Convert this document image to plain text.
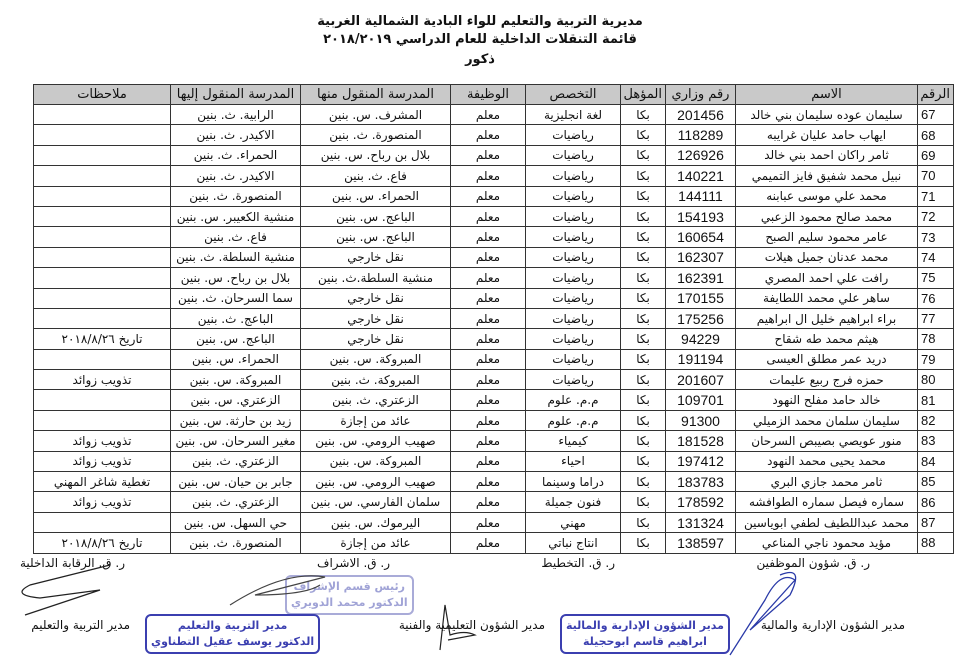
مديرية التربية والتعليم للواء البادية الشمالية الغربية
قائمة التنقلات الداخلية للعام الدراسي ٢٠١٨/٢٠١٩
ذكور
الرقم	الاسم	رقم وزاري	المؤهل	التخصص	الوظيفة	المدرسة المنقول منها	المدرسة المنقول إليها	ملاحظات
67	سليمان عوده سليمان بني خالد	201456	بكا	لغة انجليزية	معلم	المشرف. س. بنين	الرابية. ث. بنين	
68	ايهاب حامد عليان غرايبه	118289	بكا	رياضيات	معلم	المنصورة. ث. بنين	الاكيدر. ث. بنين	
69	ثامر راكان احمد بني خالد	126926	بكا	رياضيات	معلم	بلال بن رباح. س. بنين	الحمراء. ث. بنين	
70	نبيل محمد شفيق فايز التميمي	140221	بكا	رياضيات	معلم	فاع. ث. بنين	الاكيدر. ث. بنين	
71	محمد علي موسى عبابنه	144111	بكا	رياضيات	معلم	الحمراء. س. بنين	المنصورة. ث. بنين	
72	محمد صالح محمود الزعبي	154193	بكا	رياضيات	معلم	الباعج. س. بنين	منشية الكعيبر. س. بنين	
73	عامر محمود سليم الصبح	160654	بكا	رياضيات	معلم	الباعج. س. بنين	فاع. ث. بنين	
74	محمد عدنان جميل هيلات	162307	بكا	رياضيات	معلم	نقل خارجي	منشية السلطة. ث. بنين	
75	رافت علي احمد المصري	162391	بكا	رياضيات	معلم	منشية السلطة.ث. بنين	بلال بن رباح. س. بنين	
76	ساهر علي محمد اللطايفة	170155	بكا	رياضيات	معلم	نقل خارجي	سما السرحان. ث. بنين	
77	براء ابراهيم خليل ال ابراهيم	175256	بكا	رياضيات	معلم	نقل خارجي	الباعج. ث. بنين	
78	هيثم محمد طه شقاح	94229	بكا	رياضيات	معلم	نقل خارجي	الباعج. س. بنين	تاريخ ٢٠١٨/٨/٢٦
79	دريد عمر مطلق العيسى	191194	بكا	رياضيات	معلم	المبروكة. س. بنين	الحمراء. س. بنين	
80	حمزه فرج ربيع عليمات	201607	بكا	رياضيات	معلم	المبروكة. ث. بنين	المبروكة. س. بنين	تذويب زوائد
81	خالد حامد مفلح النهود	109701	بكا	م.م. علوم	معلم	الزعتري. ث. بنين	الزعتري. س. بنين	
82	سليمان سلمان محمد الزميلي	91300	بكا	م.م. علوم	معلم	عائد من إجازة	زيد بن حارثة. س. بنين	
83	منور عويصي بصيبص السرحان	181528	بكا	كيمياء	معلم	صهيب الرومي. س. بنين	مغير السرحان. س. بنين	تذويب زوائد
84	محمد يحيى محمد النهود	197412	بكا	احياء	معلم	المبروكة. س. بنين	الزعتري. ث. بنين	تذويب زوائد
85	ثامر محمد جازي البري	183783	بكا	دراما وسينما	معلم	صهيب الرومي. س. بنين	جابر بن حيان. س. بنين	تغطية شاغر المهني
86	سماره فيصل سماره الطوافشه	178592	بكا	فنون جميلة	معلم	سلمان الفارسي. س. بنين	الزعتري. ث. بنين	تذويب زوائد
87	محمد عبداللطيف لطفي ابوياسين	131324	بكا	مهني	معلم	اليرموك. س. بنين	حي السهل. س. بنين	
88	مؤيد محمود ناجي المناعي	138597	بكا	انتاج نباتي	معلم	عائد من إجازة	المنصورة. ث. بنين	تاريخ ٢٠١٨/٨/٢٦
ر. ق. شؤون الموظفين
ر. ق. التخطيط
ر. ق. الاشراف
ر. ق. الرقابة الداخلية
مدير الشؤون الإدارية والمالية
مدير الشؤون التعليمية والفنية
مدير التربية والتعليم
رئيس قسم الإشراف
الدكتور محمد الدويري
مدير التربية والتعليم
الدكتور يوسف عقيل التطناوي
مدير الشؤون الإدارية والمالية
ابراهيم قاسم ابوحجيلة
